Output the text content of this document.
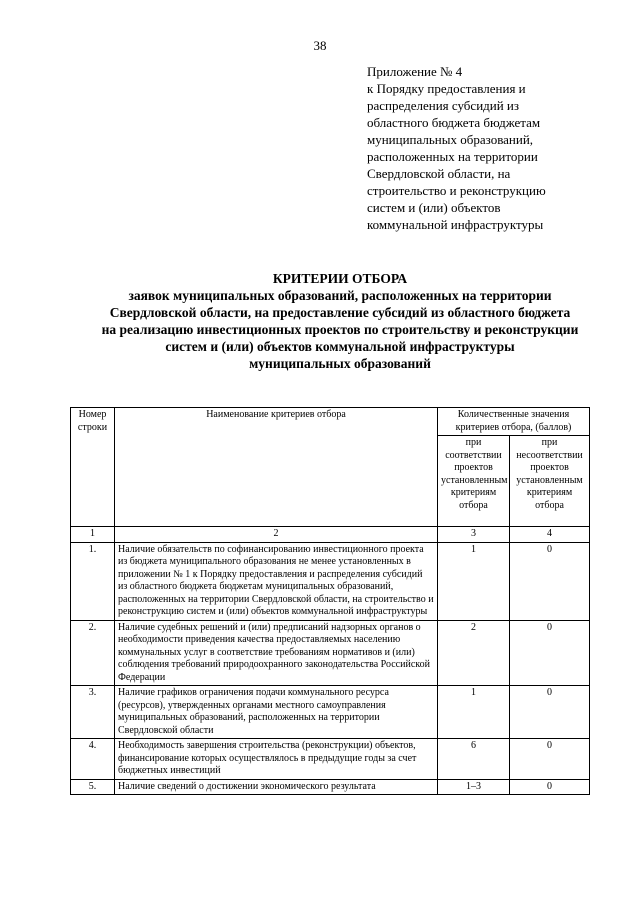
38
Приложение № 4
к Порядку предоставления и
распределения субсидий из
областного бюджета бюджетам
муниципальных образований,
расположенных на территории
Свердловской области, на
строительство и реконструкцию
систем и (или) объектов
коммунальной инфраструктуры
КРИТЕРИИ ОТБОРА
заявок муниципальных образований, расположенных на территории
Свердловской области, на предоставление субсидий из областного бюджета
на реализацию инвестиционных проектов по строительству и реконструкции
систем и (или) объектов коммунальной инфраструктуры
муниципальных образований
Номер строки	Наименование критериев отбора	Количественные значения критериев отбора, (баллов)	
		при соответствии проектов установленным критериям отбора	при несоответствии проектов установленным критериям отбора
1	2	3	4
1.	Наличие обязательств по софинансированию инвестиционного проекта из бюджета муниципального образования не менее установленных в приложении № 1 к Порядку предоставления и распределения субсидий из областного бюджета бюджетам муниципальных образований, расположенных на территории Свердловской области, на строительство и реконструкцию систем и (или) объектов коммунальной инфраструктуры	1	0
2.	Наличие судебных решений и (или) предписаний надзорных органов о необходимости приведения качества предоставляемых населению коммунальных услуг в соответствие требованиям нормативов и (или) соблюдения требований природоохранного законодательства Российской Федерации	2	0
3.	Наличие графиков ограничения подачи коммунального ресурса (ресурсов), утвержденных органами местного самоуправления муниципальных образований, расположенных на территории Свердловской области	1	0
4.	Необходимость завершения строительства (реконструкции) объектов, финансирование которых осуществлялось в предыдущие годы за счет бюджетных инвестиций	6	0
5.	Наличие сведений о достижении экономического результата	1–3	0
